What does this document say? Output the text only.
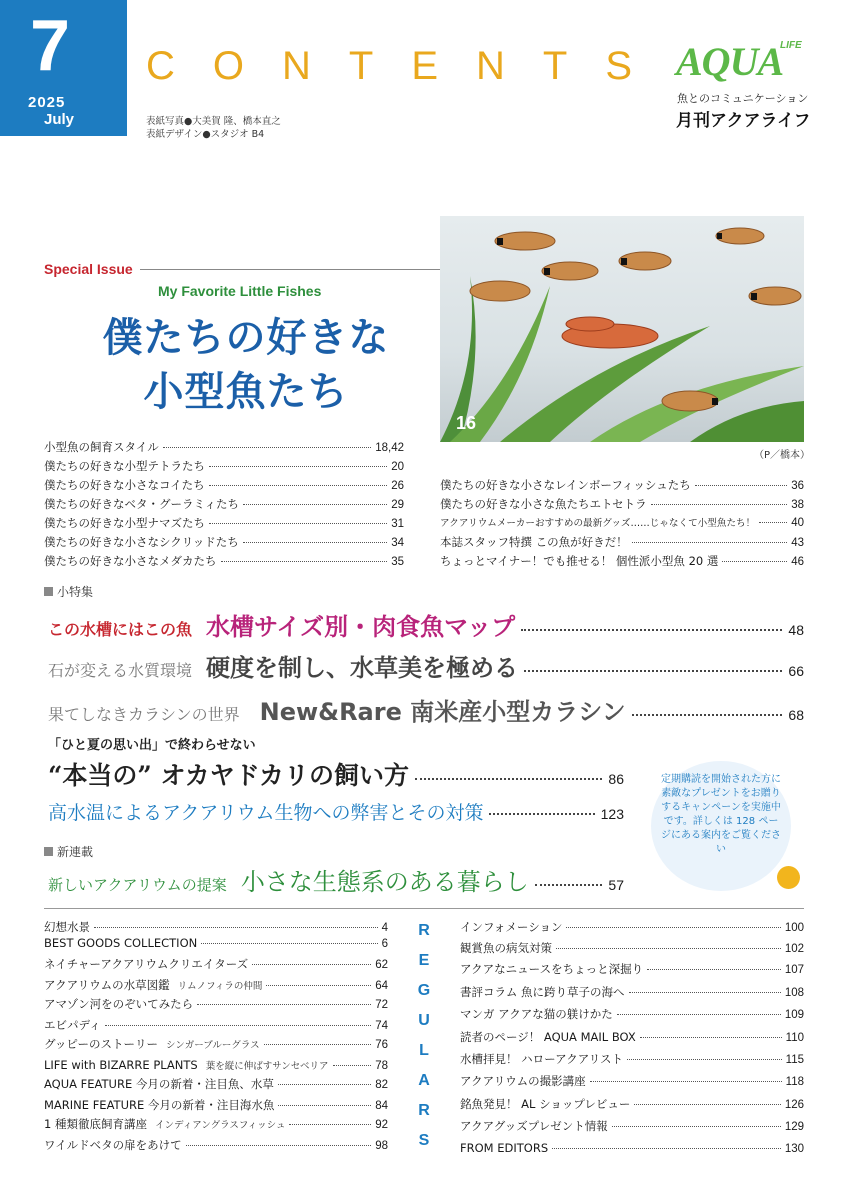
7
2025
July
CONTENTS
表紙写真●大美賀 隆、橋本直之
表紙デザイン●スタジオ B4
AQUA
LIFE
魚とのコミュニケーション
月刊アクアライフ
Special Issue
My Favorite Little Fishes
僕たちの好きな
小型魚たち
16
（P／橋本）
小型魚の飼育スタイル	18,42
僕たちの好きな小型テトラたち	20
僕たちの好きな小さなコイたち	26
僕たちの好きなベタ・グーラミィたち	29
僕たちの好きな小型ナマズたち	31
僕たちの好きな小さなシクリッドたち	34
僕たちの好きな小さなメダカたち	35
僕たちの好きな小さなレインボーフィッシュたち	36
僕たちの好きな小さな魚たちエトセトラ	38
アクアリウムメーカーおすすめの最新グッズ……じゃなくて小型魚たち！	40
本誌スタッフ特撰 この魚が好きだ！	43
ちょっとマイナー！でも推せる！ 個性派小型魚 20 選	46
小特集
この水槽にはこの魚 水槽サイズ別・肉食魚マップ	48
石が変える水質環境 硬度を制し、水草美を極める	66
果てしなきカラシンの世界 New&Rare 南米産小型カラシン	68
「ひと夏の思い出」で終わらせない
“本当の” オカヤドカリの飼い方	86
高水温によるアクアリウム生物への弊害とその対策	123
新連載
新しいアクアリウムの提案 小さな生態系のある暮らし	57
定期購読を開始された方に素敵なプレゼントをお贈りするキャンペーンを実施中です。詳しくは 128 ページにある案内をご覧ください
R
E
G
U
L
A
R
S
幻想水景	4
BEST GOODS COLLECTION	6
ネイチャーアクアリウムクリエイターズ	62
アクアリウムの水草図鑑 リムノフィラの仲間	64
アマゾン河をのぞいてみたら	72
エビパディ	74
グッピーのストーリー シンガーブルーグラス	76
LIFE with BIZARRE PLANTS 葉を縦に伸ばすサンセベリア	78
AQUA FEATURE 今月の新着・注目魚、水草	82
MARINE FEATURE 今月の新着・注目海水魚	84
1 種類徹底飼育講座 インディアングラスフィッシュ	92
ワイルドベタの扉をあけて	98
インフォメーション	100
観賞魚の病気対策	102
アクアなニュースをちょっと深掘り	107
書評コラム 魚に跨り草子の海へ	108
マンガ アクアな猫の躾けかた	109
読者のページ！ AQUA MAIL BOX	110
水槽拝見！ ハローアクアリスト	115
アクアリウムの撮影講座	118
銘魚発見！ AL ショップレビュー	126
アクアグッズプレゼント情報	129
FROM EDITORS	130
